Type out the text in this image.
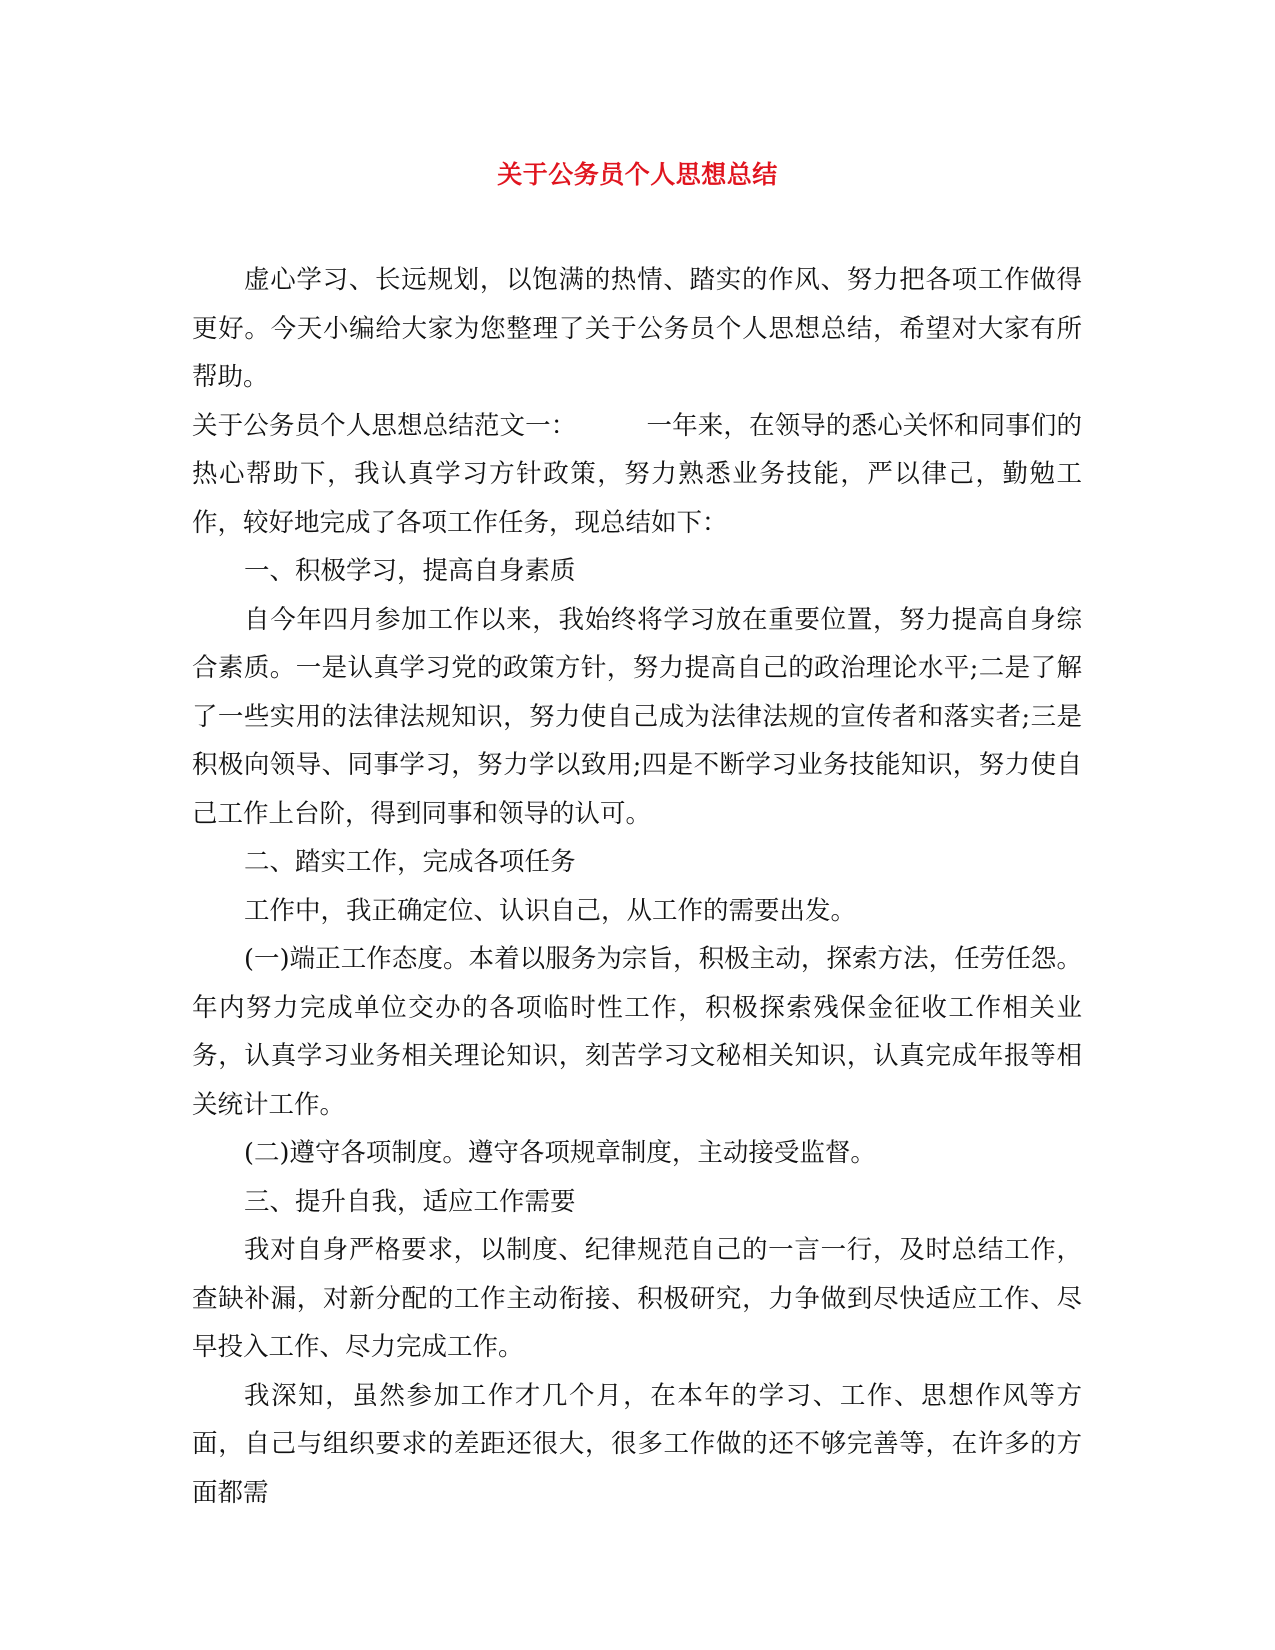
关于公务员个人思想总结

虚心学习、长远规划，以饱满的热情、踏实的作风、努力把各项工作做得更好。今天小编给大家为您整理了关于公务员个人思想总结，希望对大家有所帮助。

关于公务员个人思想总结范文一：	一年来，在领导的悉心关怀和同事们的热心帮助下，我认真学习方针政策，努力熟悉业务技能，严以律己，勤勉工作，较好地完成了各项工作任务，现总结如下：

一、积极学习，提高自身素质

自今年四月参加工作以来，我始终将学习放在重要位置，努力提高自身综合素质。一是认真学习党的政策方针，努力提高自己的政治理论水平;二是了解了一些实用的法律法规知识，努力使自己成为法律法规的宣传者和落实者;三是积极向领导、同事学习，努力学以致用;四是不断学习业务技能知识，努力使自己工作上台阶，得到同事和领导的认可。

二、踏实工作，完成各项任务

工作中，我正确定位、认识自己，从工作的需要出发。

(一)端正工作态度。本着以服务为宗旨，积极主动，探索方法，任劳任怨。年内努力完成单位交办的各项临时性工作，积极探索残保金征收工作相关业务，认真学习业务相关理论知识，刻苦学习文秘相关知识，认真完成年报等相关统计工作。

(二)遵守各项制度。遵守各项规章制度，主动接受监督。

三、提升自我，适应工作需要

我对自身严格要求，以制度、纪律规范自己的一言一行，及时总结工作，查缺补漏，对新分配的工作主动衔接、积极研究，力争做到尽快适应工作、尽早投入工作、尽力完成工作。

我深知，虽然参加工作才几个月，在本年的学习、工作、思想作风等方面，自己与组织要求的差距还很大，很多工作做的还不够完善等，在许多的方面都需
